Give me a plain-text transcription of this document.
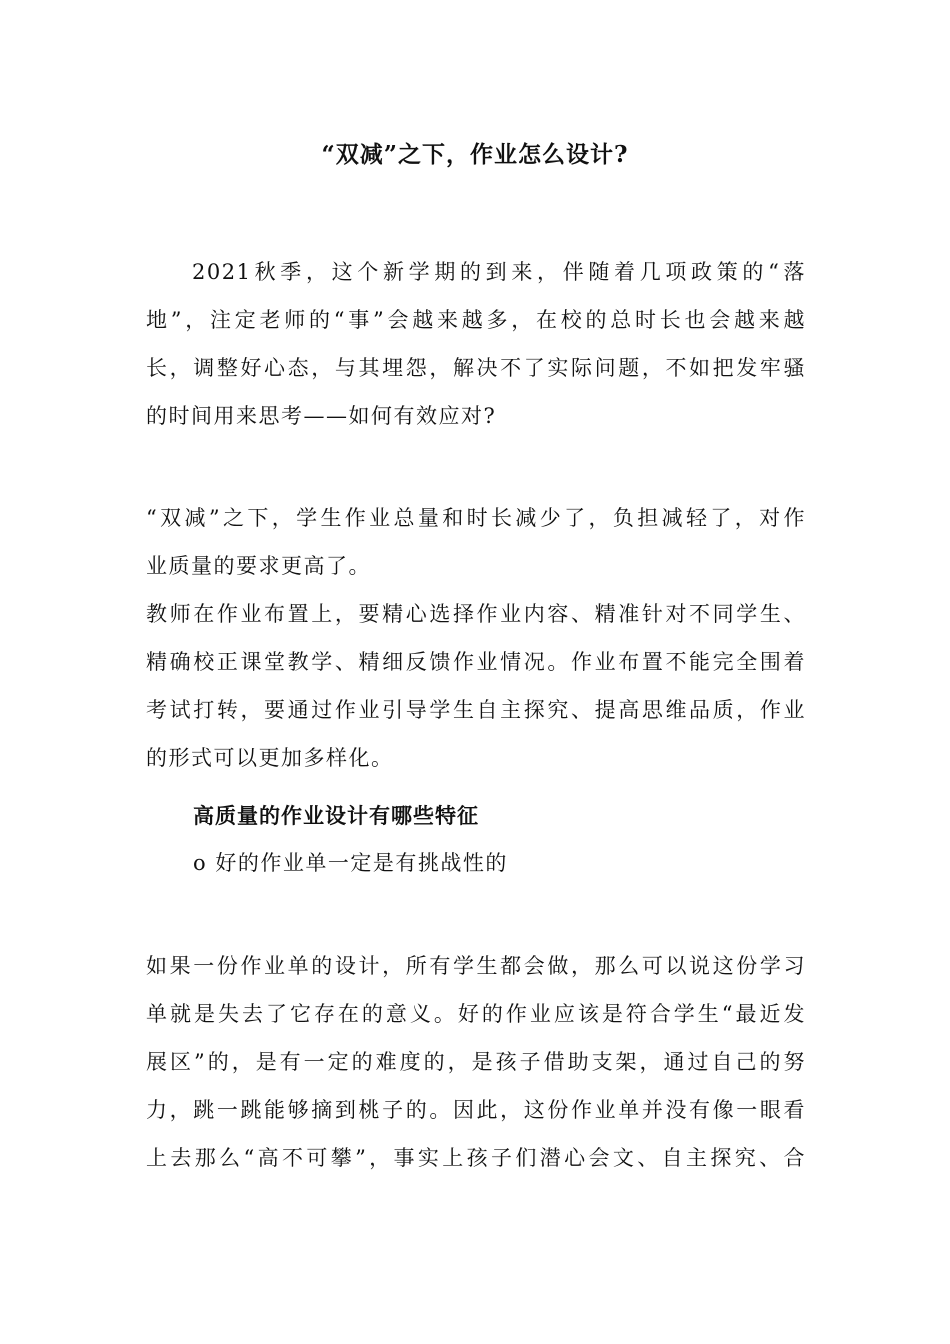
“双减”之下，作业怎么设计?
2021秋季，这个新学期的到来，伴随着几项政策的“落
地”，注定老师的“事”会越来越多，在校的总时长也会越来越
长，调整好心态，与其埋怨，解决不了实际问题，不如把发牢骚
的时间用来思考——如何有效应对?
“双减”之下，学生作业总量和时长减少了，负担减轻了，对作
业质量的要求更高了。
教师在作业布置上，要精心选择作业内容、精准针对不同学生、
精确校正课堂教学、精细反馈作业情况。作业布置不能完全围着
考试打转，要通过作业引导学生自主探究、提高思维品质，作业
的形式可以更加多样化。
高质量的作业设计有哪些特征
o 好的作业单一定是有挑战性的
如果一份作业单的设计，所有学生都会做，那么可以说这份学习
单就是失去了它存在的意义。好的作业应该是符合学生“最近发
展区”的，是有一定的难度的，是孩子借助支架，通过自己的努
力，跳一跳能够摘到桃子的。因此，这份作业单并没有像一眼看
上去那么“高不可攀”，事实上孩子们潜心会文、自主探究、合
